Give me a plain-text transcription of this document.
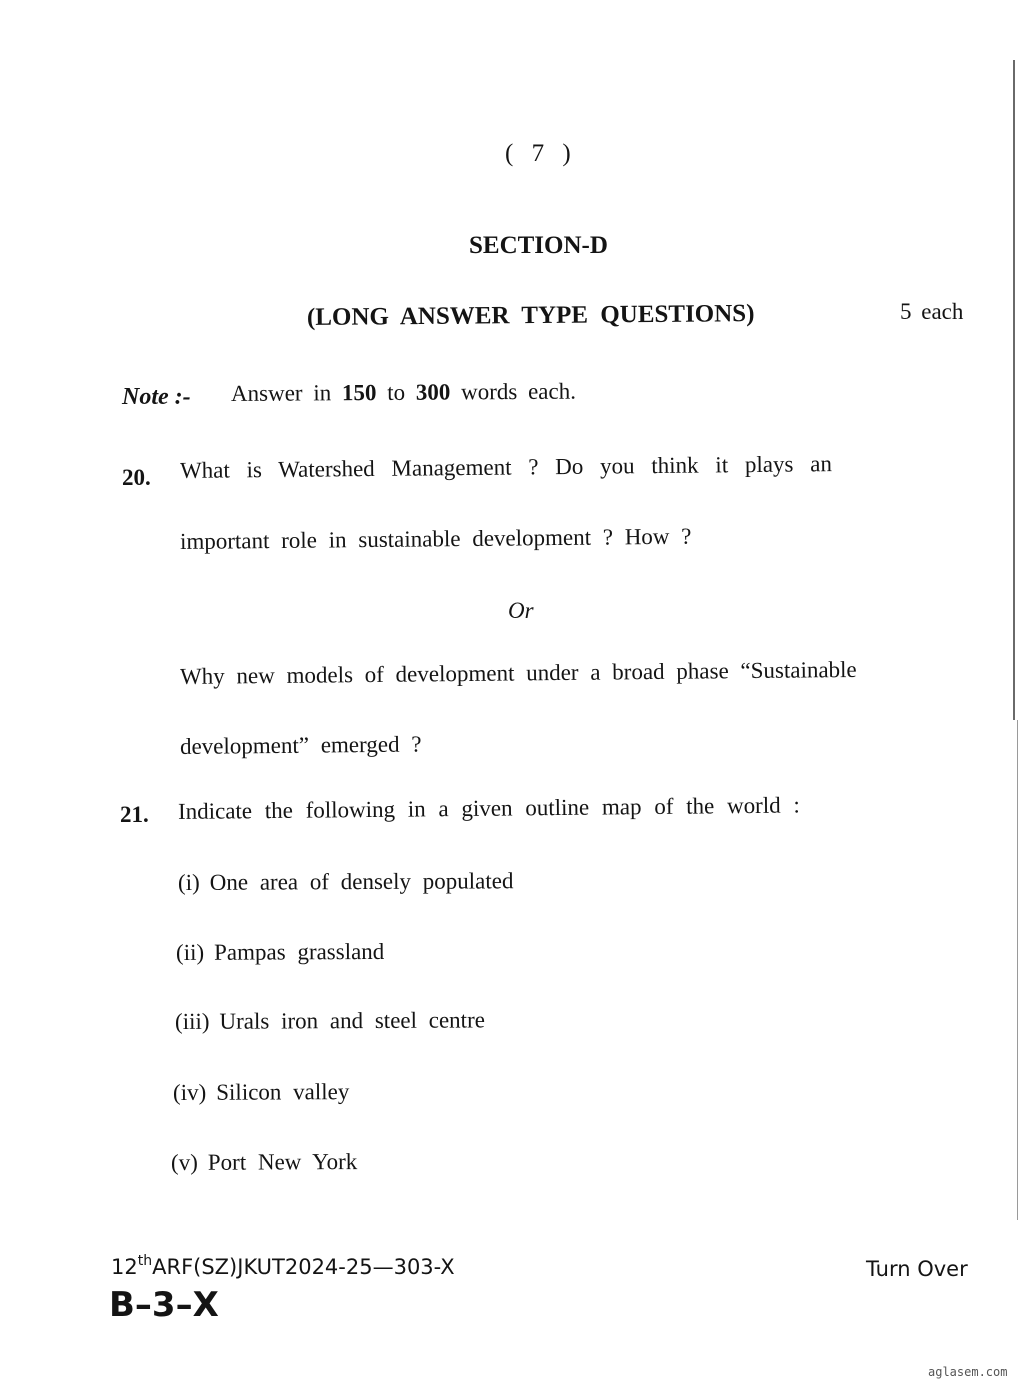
( 7 )
SECTION-D
(LONG ANSWER TYPE QUESTIONS)	5 each
Note :- Answer in 150 to 300 words each.
20. What is Watershed Management ? Do you think it plays an
important role in sustainable development ? How ?
Or
Why new models of development under a broad phase “Sustainable
development” emerged ?
21. Indicate the following in a given outline map of the world :
(i) One area of densely populated
(ii) Pampas grassland
(iii) Urals iron and steel centre
(iv) Silicon valley
(v) Port New York
12thARF(SZ)JKUT2024-25—303-X
B–3–X
Turn Over
aglasem.com
